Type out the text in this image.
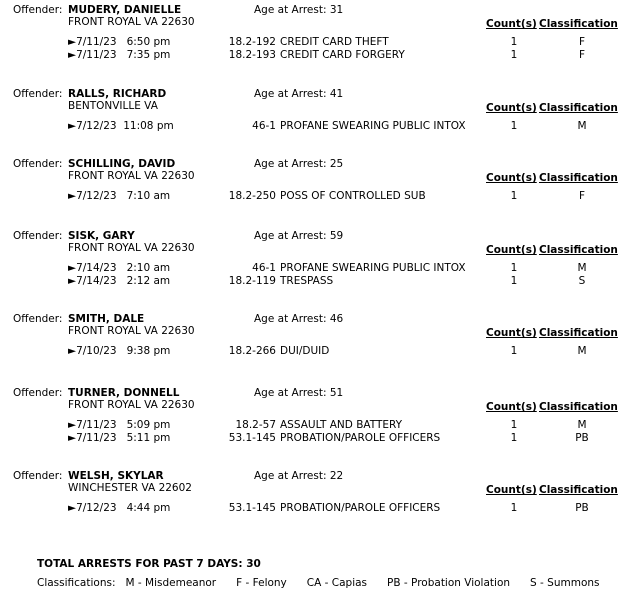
Offender: MUDERY, DANIELLE	Age at Arrest: 31
FRONT ROYAL VA 22630	Count(s) Classification
►7/11/23   6:50 pm	18.2-192 CREDIT CARD THEFT	1	F
►7/11/23   7:35 pm	18.2-193 CREDIT CARD FORGERY	1	F
Offender: RALLS, RICHARD	Age at Arrest: 41
BENTONVILLE VA	Count(s) Classification
►7/12/23  11:08 pm	46-1 PROFANE SWEARING PUBLIC INTOX	1	M
Offender: SCHILLING, DAVID	Age at Arrest: 25
FRONT ROYAL VA 22630	Count(s) Classification
►7/12/23   7:10 am	18.2-250 POSS OF CONTROLLED SUB	1	F
Offender: SISK, GARY	Age at Arrest: 59
FRONT ROYAL VA 22630	Count(s) Classification
►7/14/23   2:10 am	46-1 PROFANE SWEARING PUBLIC INTOX	1	M
►7/14/23   2:12 am	18.2-119 TRESPASS	1	S
Offender: SMITH, DALE	Age at Arrest: 46
FRONT ROYAL VA 22630	Count(s) Classification
►7/10/23   9:38 pm	18.2-266 DUI/DUID	1	M
Offender: TURNER, DONNELL	Age at Arrest: 51
FRONT ROYAL VA 22630	Count(s) Classification
►7/11/23   5:09 pm	18.2-57 ASSAULT AND BATTERY	1	M
►7/11/23   5:11 pm	53.1-145 PROBATION/PAROLE OFFICERS	1	PB
Offender: WELSH, SKYLAR	Age at Arrest: 22
WINCHESTER VA 22602	Count(s) Classification
►7/12/23   4:44 pm	53.1-145 PROBATION/PAROLE OFFICERS	1	PB
TOTAL ARRESTS FOR PAST 7 DAYS: 30
Classifications:   M - Misdemeanor      F - Felony      CA - Capias      PB - Probation Violation      S - Summons
